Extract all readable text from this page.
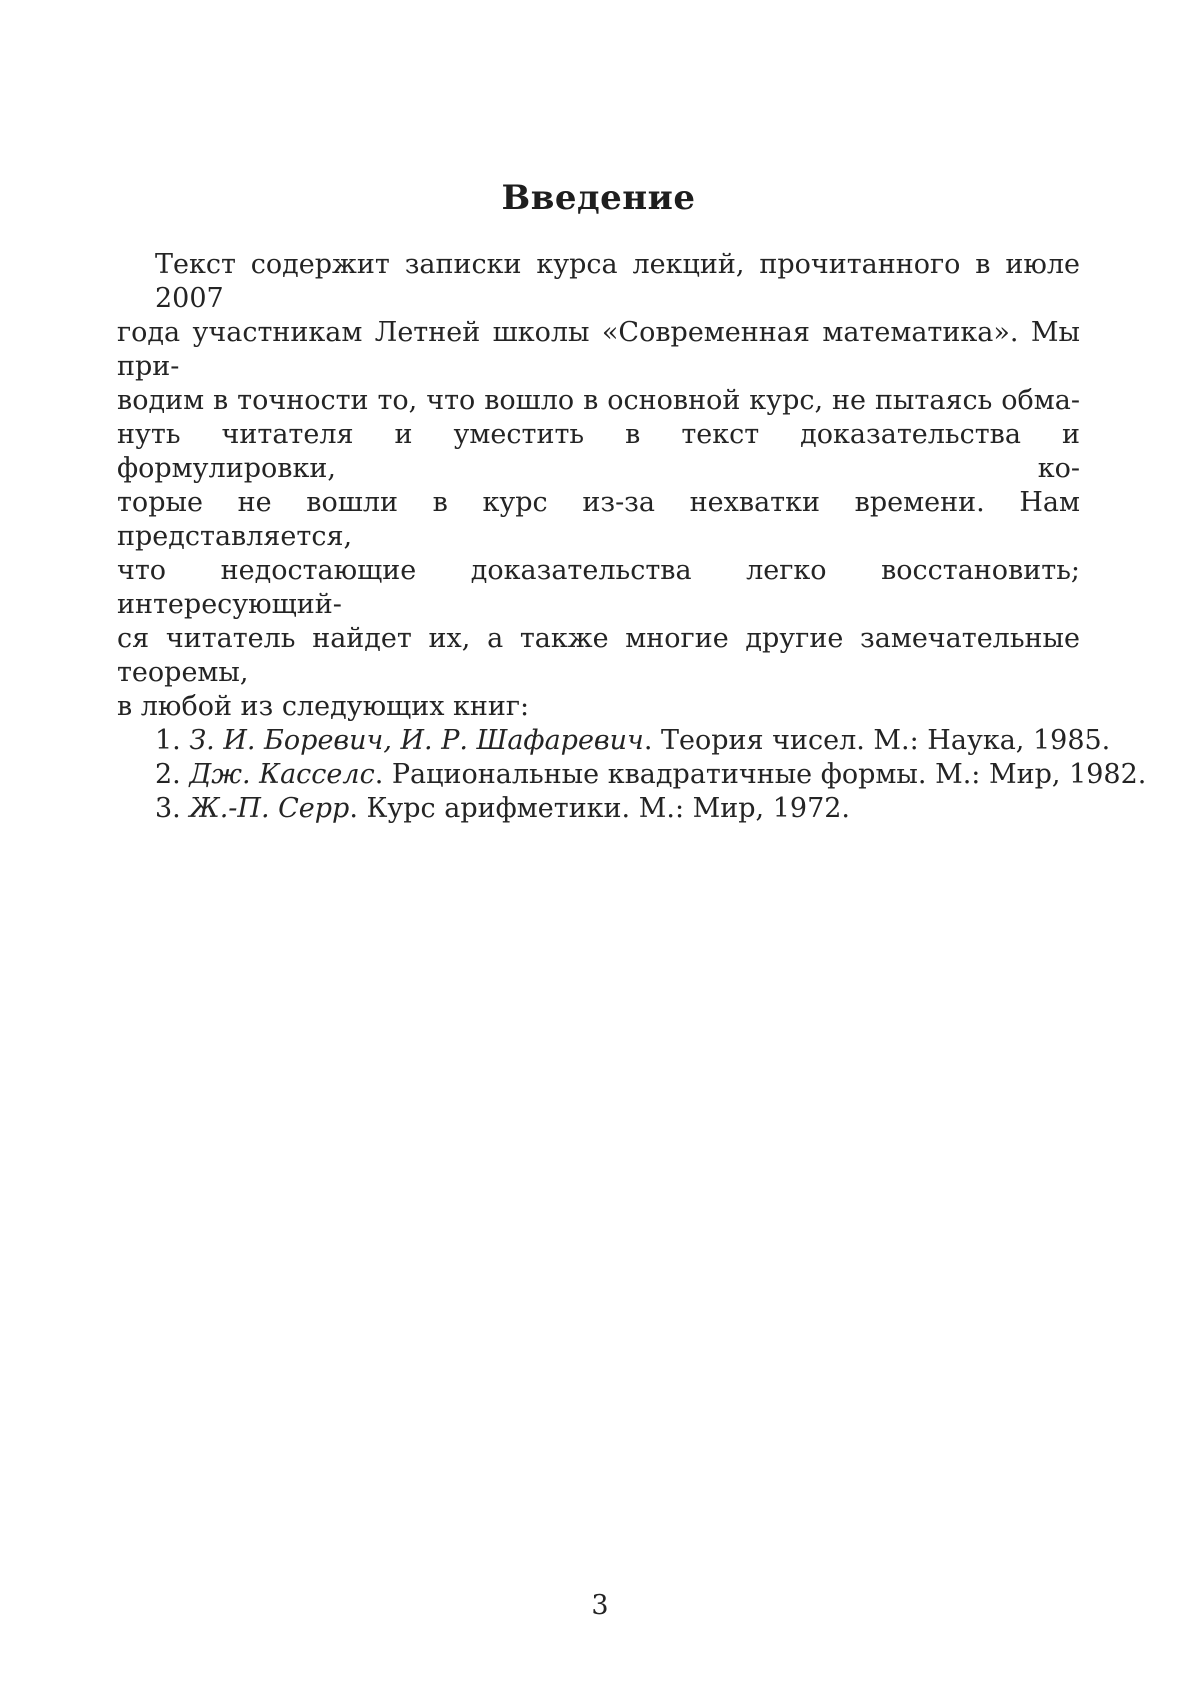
Введение
Текст содержит записки курса лекций, прочитанного в июле 2007
года участникам Летней школы «Современная математика». Мы при-
водим в точности то, что вошло в основной курс, не пытаясь обма-
нуть читателя и уместить в текст доказательства и формулировки, ко-
торые не вошли в курс из-за нехватки времени. Нам представляется,
что недостающие доказательства легко восстановить; интересующий-
ся читатель найдет их, а также многие другие замечательные теоремы,
в любой из следующих книг:
1. З. И. Боревич, И. Р. Шафаревич. Теория чисел. М.: Наука, 1985.
2. Дж. Касселс. Рациональные квадратичные формы. М.: Мир, 1982.
3. Ж.-П. Серр. Курс арифметики. М.: Мир, 1972.
3
